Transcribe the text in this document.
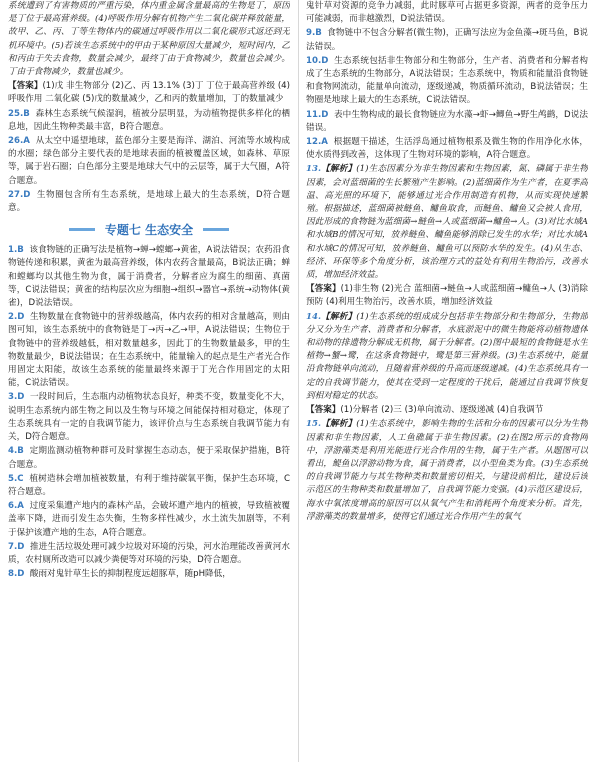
系统遭到了有害物质的严重污染，体内重金属含量最高的生物是丁，原因是丁位于最高营养级。(4)呼吸作用分解有机物产生二氧化碳并释放能量，故甲、乙、丙、丁等生物体内的碳通过呼吸作用以二氧化碳形式返还到无机环境中。(5)若该生态系统中的甲由于某种原因大量减少，短时间内，乙和丙由于失去食物，数量会减少，最终丁由于食物减少，数量也会减少。丁由于食物减少，数量也减少。

【答案】(1)戊 非生物部分 (2)乙、丙 13.1% (3)丁 丁位于最高营养级 (4)呼吸作用 二氧化碳 (5)戊的数量减少，乙和丙的数量增加，丁的数量减少

25.B 森林生态系统气候湿润，植被分层明显，为动植物提供多样化的栖息地，因此生物种类最丰富，B符合题意。

26.A 从太空中遥望地球，蓝色部分主要是海洋、湖泊、河流等水域构成的水圈；绿色部分主要代表的是地球表面的植被覆盖区域，如森林、草原等，属于岩石圈；白色部分主要是地球大气中的云层等，属于大气圈，A符合题意。

27.D 生物圈包含所有生态系统，是地球上最大的生态系统，D符合题意。

专题七 生态安全

1.B 该食物链的正确写法是植物→蝉→螳螂→黄雀，A说法错误；农药沿食物链传递和积累，黄雀为最高营养级，体内农药含量最高，B说法正确；蝉和螳螂均以其他生物为食，属于消费者，分解者应为腐生的细菌、真菌等，C说法错误；黄雀的结构层次应为细胞→组织→器官→系统→动物体(黄雀)，D说法错误。

2.D 生物数量在食物链中的营养级越高，体内农药的相对含量越高，则由图可知，该生态系统中的食物链是丁→丙→乙→甲，A说法错误；生物位于食物链中的营养级越低，相对数量越多，因此丁的生物数量最多，甲的生物数量最少，B说法错误；在生态系统中，能量输入的起点是生产者光合作用固定太阳能，故该生态系统的能量最终来源于丁光合作用固定的太阳能，C说法错误。

3.D 一段时间后，生态瓶内动植物状态良好，种类不变，数量变化不大，说明生态系统内部生物之间以及生物与环境之间能保持相对稳定，体现了生态系统具有一定的自我调节能力，该评价点与生态系统自我调节能力有关，D符合题意。

4.B 定期监测动植物种群可及时掌握生态动态，便于采取保护措施，B符合题意。

5.C 植树造林会增加植被数量，有利于维持碳氧平衡，保护生态环境，C符合题意。

6.A 过度采集遭产地内的森林产品，会破坏遭产地内的植被，导致植被覆盖率下降，进而引发生态失衡，生物多样性减少，水土流失加剧等，不利于保护该遭产地的生态，A符合题意。

7.D 推进生活垃圾处理可减少垃圾对环境的污染，河水治理能改善黄河水质，农村厕所改造可以减少粪便等对环境的污染，D符合题意。

8.D 酸雨对鬼针草生长的抑制程度远超豚草，随pH降低，

鬼针草对资源的竞争力减弱，此时豚草可占据更多资源，两者的竞争压力可能减弱，而非越激烈，D说法错误。

9.B 食物链中不包含分解者(微生物)，正确写法应为金鱼藻→斑马鱼，B说法错误。

10.D 生态系统包括非生物部分和生物部分，生产者、消费者和分解者构成了生态系统的生物部分，A说法错误；生态系统中，物质和能量沿食物链和食物网流动，能量单向流动，逐级递减，物质循环流动，B说法错误；生物圈是地球上最大的生态系统，C说法错误。

11.D 表中生物构成的最长食物链应为水藻→虾→鲫鱼→野生鸬鹚，D说法错误。

12.A 根据题干描述，生活浮岛通过植物根系及微生物的作用净化水体，使水质得到改善，这体现了生物对环境的影响，A符合题意。

13.【解析】(1)生态因素分为非生物因素和生物因素，氮、磷属于非生物因素，会对蓝细菌的生长繁殖产生影响。(2)蓝细菌作为生产者，在夏季高温、高光照的环境下，能够通过光合作用制造有机物，从而实现快速繁殖。根据描述，蓝细菌被鲢鱼、鳙鱼取食，而鲢鱼、鳙鱼又会被人食用，因此形成的食物链为蓝细菌→鲢鱼→人或蓝细菌→鳙鱼→人。(3)对比水域A和水域B的情况可知，放养鲢鱼、鳙鱼能够消除已发生的水华；对比水域A和水域C的情况可知，放养鲢鱼、鳙鱼可以预防水华的发生。(4)从生态、经济、环保等多个角度分析，该治理方式的益处有利用生物治污，改善水质，增加经济效益。

【答案】(1)非生物 (2)光合 蓝细菌→鲢鱼→人或蓝细菌→鳙鱼→人 (3)消除 预防 (4)利用生物治污，改善水质，增加经济效益

14.【解析】(1)生态系统的组成成分包括非生物部分和生物部分，生物部分又分为生产者、消费者和分解者，水底淤泥中的微生物能将动植物遗体和动物的排遗物分解成无机物，属于分解者。(2)图中最短的食物链是水生植物→蟹→鹭，在这条食物链中，鹭是第三营养级。(3)生态系统中，能量沿食物链单向流动，且随着营养级的升高而逐级递减。(4)生态系统具有一定的自我调节能力，使其在受到一定程度的干扰后，能通过自我调节恢复到相对稳定的状态。

【答案】(1)分解者 (2)三 (3)单向流动、逐级递减 (4)自我调节

15.【解析】(1)生态系统中，影响生物的生活和分布的因素可以分为生物因素和非生物因素，人工鱼礁属于非生物因素。(2)在图2所示的食物网中，浮游藻类是利用光能进行光合作用的生物，属于生产者。从题图可以看出，鳀鱼以浮游动物为食，属于消费者，以小型鱼类为食。(3)生态系统的自我调节能力与其生物种类和数量密切相关，与建设前相比，建设后该示范区的生物种类和数量增加了，自我调节能力变强。(4)示范区建设后，海水中氧浓度增高的原因可以从氧气产生和消耗两个角度来分析。首先，浮游藻类的数量增多，使得它们通过光合作用产生的氧气
